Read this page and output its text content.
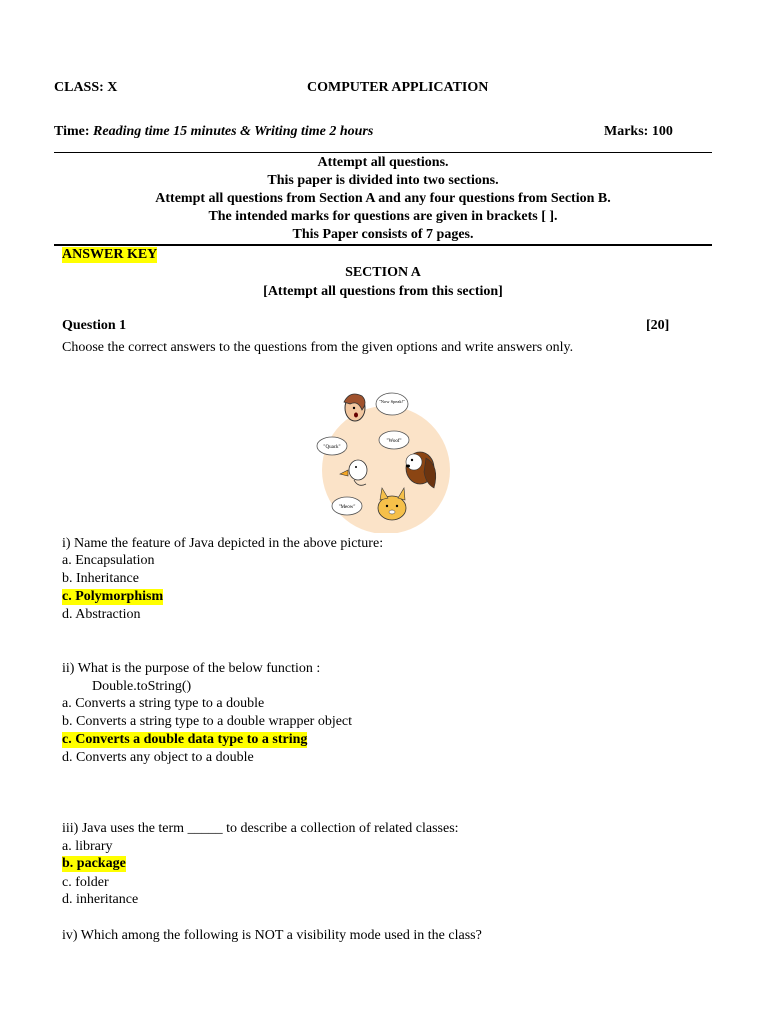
CLASS: X	COMPUTER APPLICATION
Time: Reading time 15 minutes & Writing time 2 hours	Marks: 100
Attempt all questions.
This paper is divided into two sections.
Attempt all questions from Section A and any four questions from Section B.
The intended marks for questions are given in brackets [ ].
This Paper consists of 7 pages.
ANSWER KEY
SECTION A
[Attempt all questions from this section]
Question 1	[20]
Choose the correct answers to the questions from the given options and write answers only.
"Now Speak!"
"Quack"
"Woof"
"Meow"
i) Name the feature of Java depicted in the above picture:
a. Encapsulation
b. Inheritance
c. Polymorphism
d. Abstraction
ii) What is the purpose of the below function :
Double.toString()
a. Converts a string type to a double
b. Converts a string type to a double wrapper object
c. Converts a double data type to a string
d. Converts any object to a double
iii) Java uses the term _____ to describe a collection of related classes:
a. library
b. package
c. folder
d. inheritance
iv) Which among the following is NOT a visibility mode used in the class?
